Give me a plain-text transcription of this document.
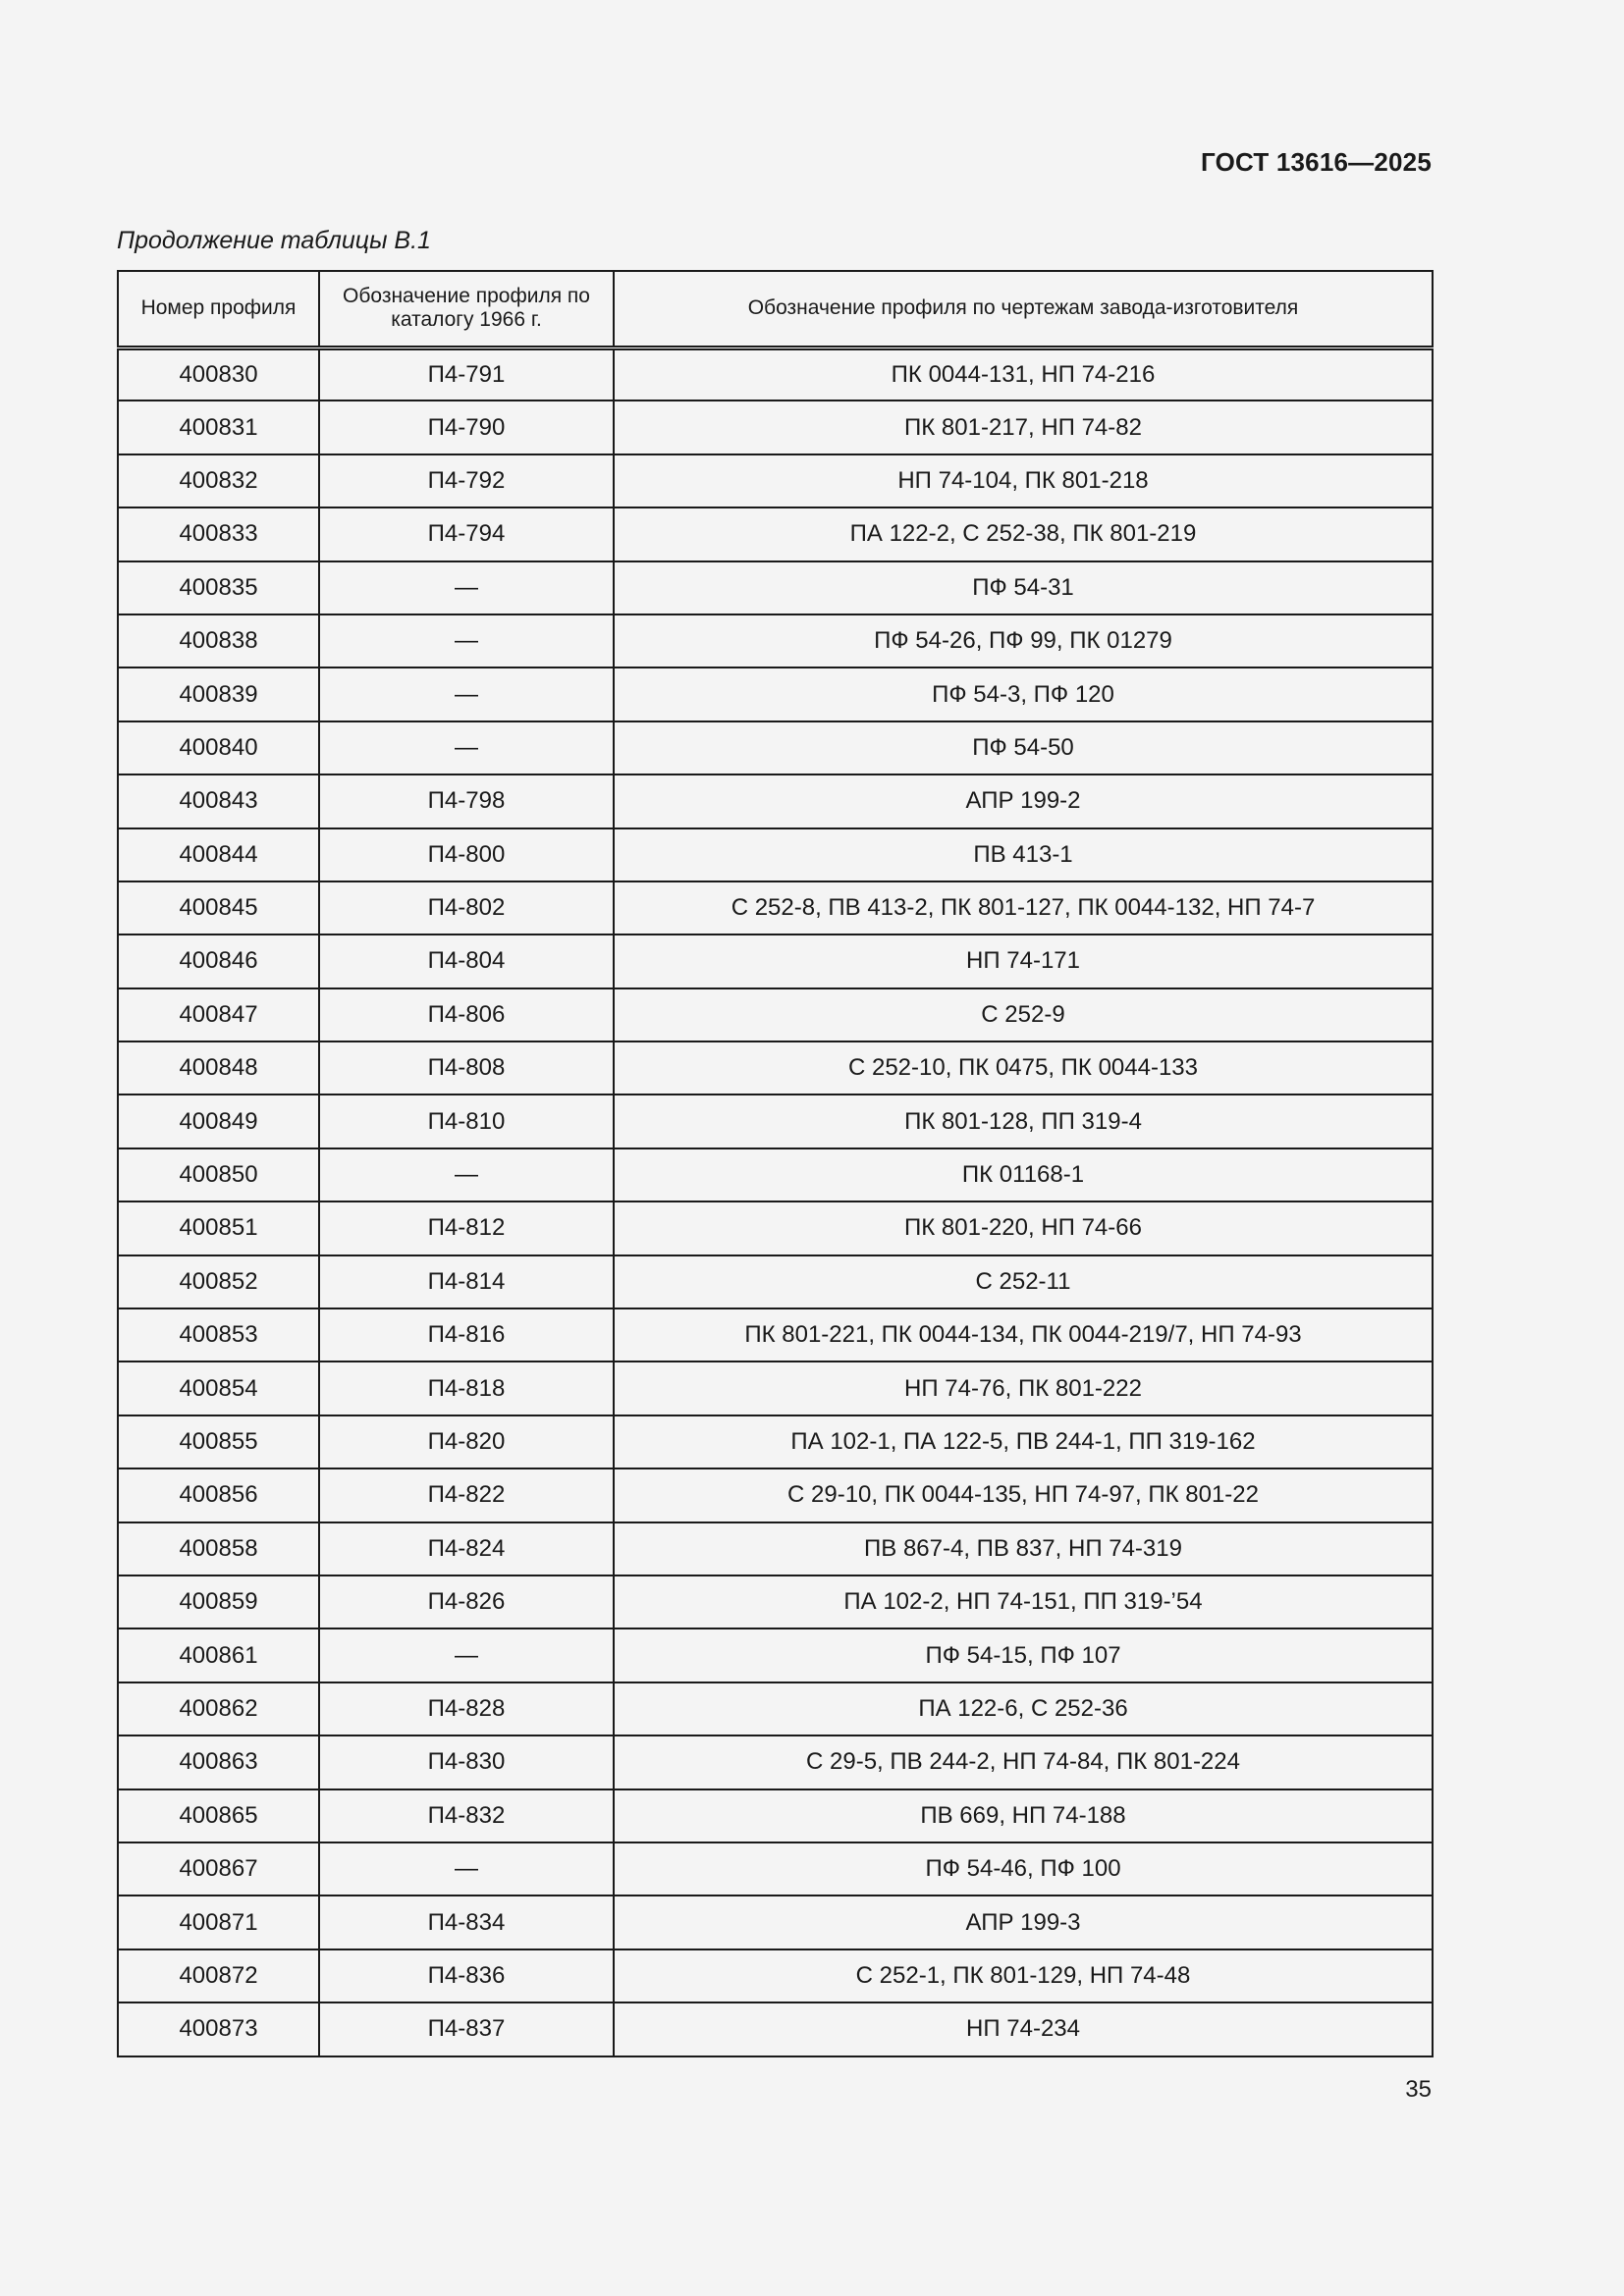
ГОСТ 13616—2025
Продолжение таблицы В.1
Номер профиля	Обозначение профиля по каталогу 1966 г.	Обозначение профиля по чертежам завода-изготовителя
400830	П4-791	ПК 0044-131, НП 74-216
400831	П4-790	ПК 801-217, НП 74-82
400832	П4-792	НП 74-104, ПК 801-218
400833	П4-794	ПА 122-2, С 252-38, ПК 801-219
400835	—	ПФ 54-31
400838	—	ПФ 54-26, ПФ 99, ПК 01279
400839	—	ПФ 54-3, ПФ 120
400840	—	ПФ 54-50
400843	П4-798	АПР 199-2
400844	П4-800	ПВ 413-1
400845	П4-802	С 252-8, ПВ 413-2, ПК 801-127, ПК 0044-132, НП 74-7
400846	П4-804	НП 74-171
400847	П4-806	С 252-9
400848	П4-808	С 252-10, ПК 0475, ПК 0044-133
400849	П4-810	ПК 801-128, ПП 319-4
400850	—	ПК 01168-1
400851	П4-812	ПК 801-220, НП 74-66
400852	П4-814	С 252-11
400853	П4-816	ПК 801-221, ПК 0044-134, ПК 0044-219/7, НП 74-93
400854	П4-818	НП 74-76, ПК 801-222
400855	П4-820	ПА 102-1, ПА 122-5, ПВ 244-1, ПП 319-162
400856	П4-822	С 29-10, ПК 0044-135, НП 74-97, ПК 801-22
400858	П4-824	ПВ 867-4, ПВ 837, НП 74-319
400859	П4-826	ПА 102-2, НП 74-151, ПП 319-’54
400861	—	ПФ 54-15, ПФ 107
400862	П4-828	ПА 122-6, С 252-36
400863	П4-830	С 29-5, ПВ 244-2, НП 74-84, ПК 801-224
400865	П4-832	ПВ 669, НП 74-188
400867	—	ПФ 54-46, ПФ 100
400871	П4-834	АПР 199-3
400872	П4-836	С 252-1, ПК 801-129, НП 74-48
400873	П4-837	НП 74-234
35
